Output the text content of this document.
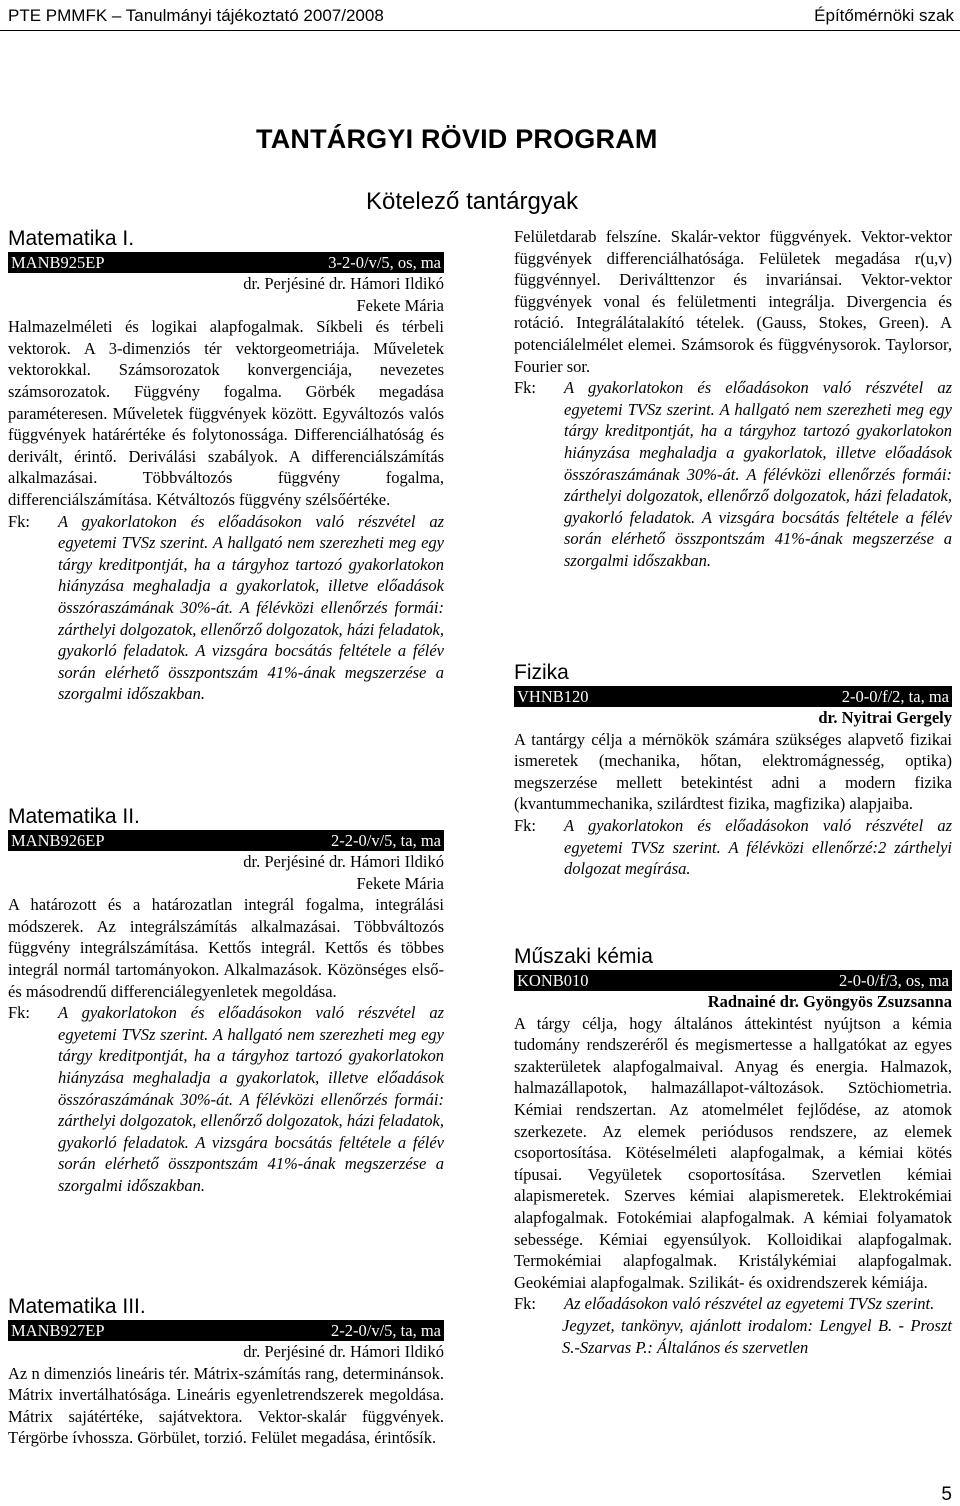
PTE PMMFK – Tanulmányi tájékoztató 2007/2008	Építőmérnöki szak
TANTÁRGYI RÖVID PROGRAM
Kötelező tantárgyak
Matematika I.
MANB925EP	3-2-0/v/5, os, ma
dr. Perjésiné dr. Hámori Ildikó
Fekete Mária
Halmazelméleti és logikai alapfogalmak. Síkbeli és térbeli vektorok. A 3-dimenziós tér vektorgeometriája. Műveletek vektorokkal. Számsorozatok konvergenciája, nevezetes számsorozatok. Függvény fogalma. Görbék megadása paraméteresen. Műveletek függvények között. Egyváltozós valós függvények határértéke és folytonossága. Differenciálhatóság és derivált, érintő. Deriválási szabályok. A differenciálszámítás alkalmazásai. Többváltozós függvény fogalma, differenciálszámítása. Kétváltozós függvény szélsőértéke.
Fk:	A gyakorlatokon és előadásokon való részvétel az egyetemi TVSz szerint. A hallgató nem szerezheti meg egy tárgy kreditpontját, ha a tárgyhoz tartozó gyakorlatokon hiányzása meghaladja a gyakorlatok, illetve előadások összóraszámának 30%-át. A félévközi ellenőrzés formái: zárthelyi dolgozatok, ellenőrző dolgozatok, házi feladatok, gyakorló feladatok. A vizsgára bocsátás feltétele a félév során elérhető összpontszám 41%-ának megszerzése a szorgalmi időszakban.
Matematika II.
MANB926EP	2-2-0/v/5, ta, ma
dr. Perjésiné dr. Hámori Ildikó
Fekete Mária
A határozott és a határozatlan integrál fogalma, integrálási módszerek. Az integrálszámítás alkalmazásai. Többváltozós függvény integrálszámítása. Kettős integrál. Kettős és többes integrál normál tartományokon. Alkalmazások. Közönséges első- és másodrendű differenciálegyenletek megoldása.
Fk:	A gyakorlatokon és előadásokon való részvétel az egyetemi TVSz szerint. A hallgató nem szerezheti meg egy tárgy kreditpontját, ha a tárgyhoz tartozó gyakorlatokon hiányzása meghaladja a gyakorlatok, illetve előadások összóraszámának 30%-át. A félévközi ellenőrzés formái: zárthelyi dolgozatok, ellenőrző dolgozatok, házi feladatok, gyakorló feladatok. A vizsgára bocsátás feltétele a félév során elérhető összpontszám 41%-ának megszerzése a szorgalmi időszakban.
Matematika III.
MANB927EP	2-2-0/v/5, ta, ma
dr. Perjésiné dr. Hámori Ildikó
Az n dimenziós lineáris tér. Mátrix-számítás rang, determinánsok. Mátrix invertálhatósága. Lineáris egyenletrendszerek megoldása. Mátrix sajátértéke, sajátvektora. Vektor-skalár függvények. Térgörbe ívhossza. Görbület, torzió. Felület megadása, érintősík.
Felületdarab felszíne. Skalár-vektor függvények. Vektor-vektor függvények differenciálhatósága. Felületek megadása r(u,v) függvénnyel. Deriválttenzor és invariánsai. Vektor-vektor függvények vonal és felületmenti integrálja. Divergencia és rotáció. Integrálátalakító tételek. (Gauss, Stokes, Green). A potenciálelmélet elemei. Számsorok és függvénysorok. Taylorsor, Fourier sor.
Fk:	A gyakorlatokon és előadásokon való részvétel az egyetemi TVSz szerint. A hallgató nem szerezheti meg egy tárgy kreditpontját, ha a tárgyhoz tartozó gyakorlatokon hiányzása meghaladja a gyakorlatok, illetve előadások összóraszámának 30%-át. A félévközi ellenőrzés formái: zárthelyi dolgozatok, ellenőrző dolgozatok, házi feladatok, gyakorló feladatok. A vizsgára bocsátás feltétele a félév során elérhető összpontszám 41%-ának megszerzése a szorgalmi időszakban.
Fizika
VHNB120	2-0-0/f/2, ta, ma
dr. Nyitrai Gergely
A tantárgy célja a mérnökök számára szükséges alapvető fizikai ismeretek (mechanika, hőtan, elektromágnesség, optika) megszerzése mellett betekintést adni a modern fizika (kvantummechanika, szilárdtest fizika, magfizika) alapjaiba.
Fk:	A gyakorlatokon és előadásokon való részvétel az egyetemi TVSz szerint. A félévközi ellenőrzé:2 zárthelyi dolgozat megírása.
Műszaki kémia
KONB010	2-0-0/f/3, os, ma
Radnainé dr. Gyöngyös Zsuzsanna
A tárgy célja, hogy általános áttekintést nyújtson a kémia tudomány rendszeréről és megismertesse a hallgatókat az egyes szakterületek alapfogalmaival. Anyag és energia. Halmazok, halmazállapotok, halmazállapot-változások. Sztöchiometria. Kémiai rendszertan. Az atomelmélet fejlődése, az atomok szerkezete. Az elemek periódusos rendszere, az elemek csoportosítása. Kötéselméleti alapfogalmak, a kémiai kötés típusai. Vegyületek csoportosítása. Szervetlen kémiai alapismeretek. Szerves kémiai alapismeretek. Elektrokémiai alapfogalmak. Fotokémiai alapfogalmak. A kémiai folyamatok sebessége. Kémiai egyensúlyok. Kolloidikai alapfogalmak. Termokémiai alapfogalmak. Kristálykémiai alapfogalmak. Geokémiai alapfogalmak. Szilikát- és oxidrendszerek kémiája.
Fk:	Az előadásokon való részvétel az egyetemi TVSz szerint.
Jegyzet, tankönyv, ajánlott irodalom: Lengyel B. - Proszt S.-Szarvas P.: Általános és szervetlen
5
